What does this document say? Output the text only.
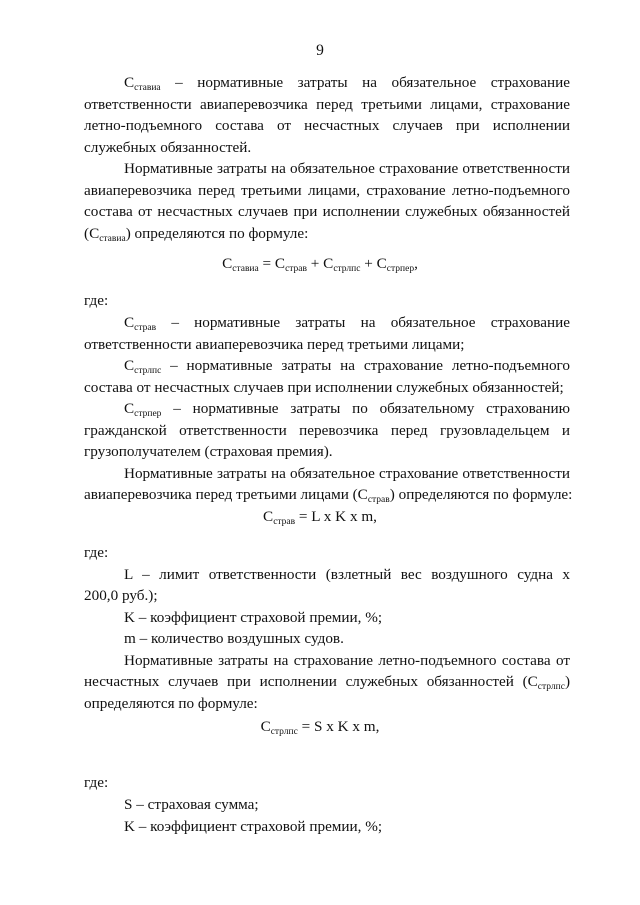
9
$С_{ставиа}$ – нормативные затраты на обязательное страхование
ответственности авиаперевозчика перед третьими лицами, страхование
летно-подъемного состава от несчастных случаев при исполнении
служебных обязанностей.
Нормативные затраты на обязательное страхование ответственности
авиаперевозчика перед третьими лицами, страхование летно-подъемного
состава от несчастных случаев при исполнении служебных обязанностей
$(С_{ставиа})$ определяются по формуле:
$С_{ставиа} = С_{страв} + С_{стрлпс} + С_{стрпер}$,
где:
$С_{страв}$ – нормативные затраты на обязательное страхование
ответственности авиаперевозчика перед третьими лицами;
$С_{стрлпс}$ – нормативные затраты на страхование летно-подъемного
состава от несчастных случаев при исполнении служебных обязанностей;
$С_{стрпер}$ – нормативные затраты по обязательному страхованию
гражданской ответственности перевозчика перед грузовладельцем и
грузополучателем (страховая премия).
Нормативные затраты на обязательное страхование ответственности
авиаперевозчика перед третьими лицами $(С_{страв})$ определяются по формуле:
$С_{страв} = L$ x K x m,
где:
L – лимит ответственности (взлетный вес воздушного судна х
200,0 руб.);
K – коэффициент страховой премии, %;
m – количество воздушных судов.
Нормативные затраты на страхование летно-подъемного состава от
несчастных случаев при исполнении служебных обязанностей $(С_{стрлпс})$
определяются по формуле:
$С_{стрлпс} = S$ x K x m,
где:
S – страховая сумма;
K – коэффициент страховой премии, %;
